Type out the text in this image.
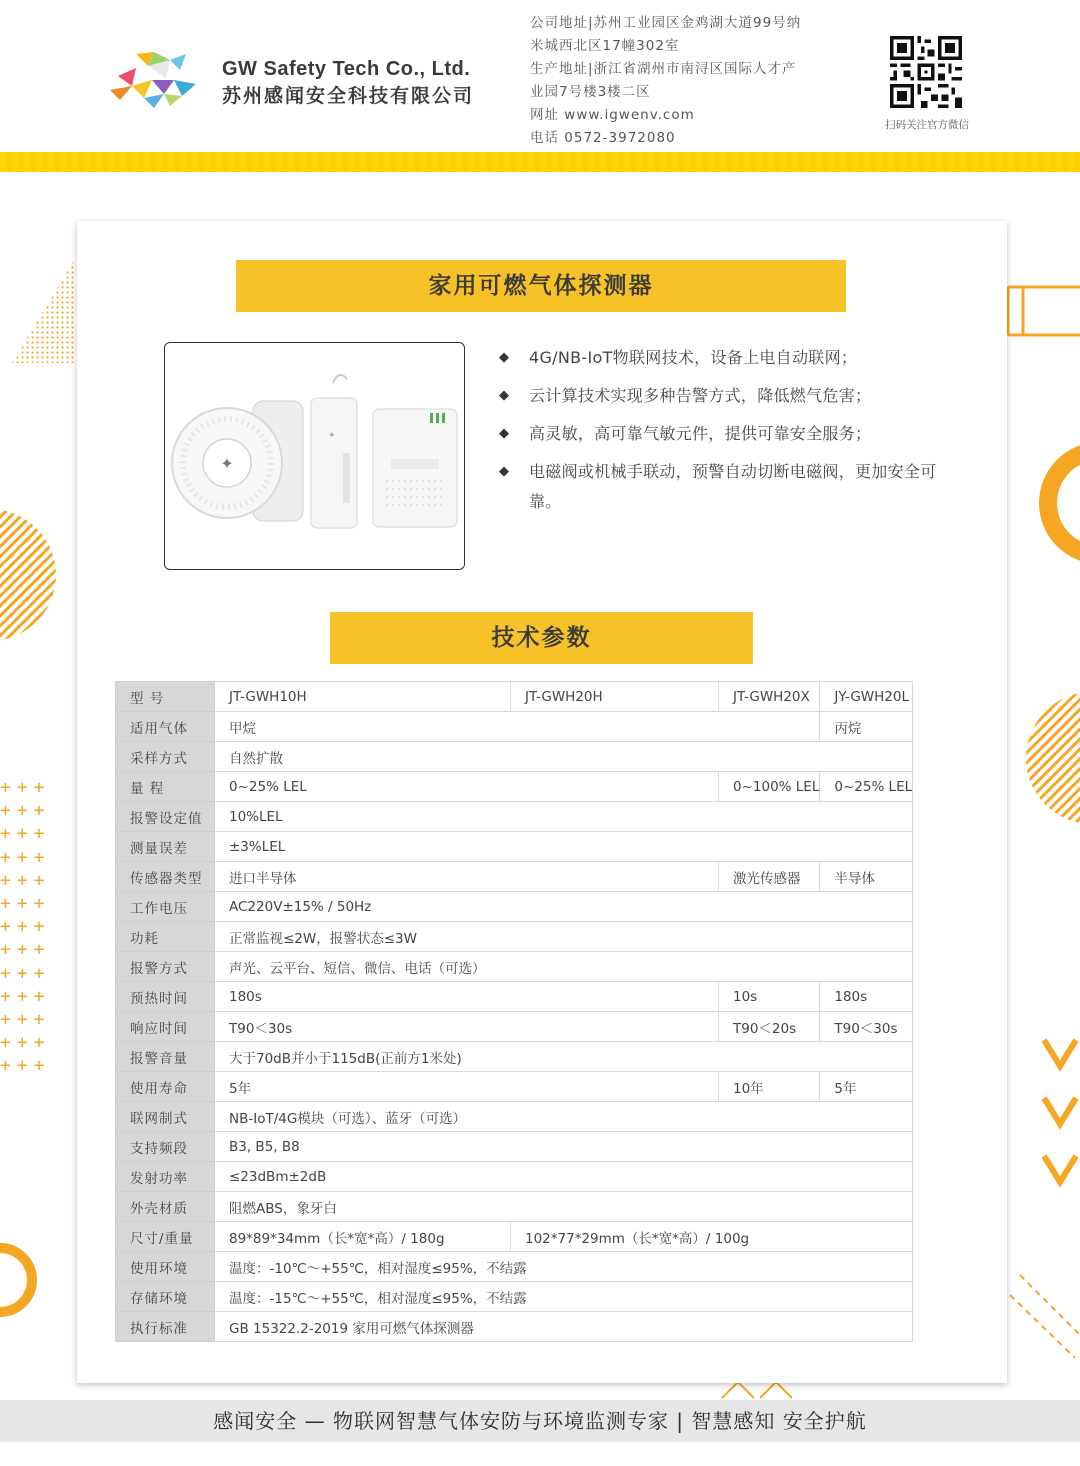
GW Safety Tech Co., Ltd.
苏州感闻安全科技有限公司
公司地址|苏州工业园区金鸡湖大道99号纳
米城西北区17幢302室
生产地址|浙江省湖州市南浔区国际人才产
业园7号楼3楼二区
网址 www.igwenv.com
电话 0572-3972080
扫码关注官方微信
+++
+++
+++
+++
+++
+++
+++
+++
+++
+++
+++
+++
+++
家用可燃气体探测器
✦
✦
◆ 4G/NB-IoT物联网技术，设备上电自动联网；
◆ 云计算技术实现多种告警方式，降低燃气危害；
◆ 高灵敏，高可靠气敏元件，提供可靠安全服务；
◆ 电磁阀或机械手联动，预警自动切断电磁阀，更加安全可靠。
技术参数
型 号	JT-GWH10H	JT-GWH20H	JT-GWH20X	JY-GWH20L
适用气体	甲烷			丙烷
采样方式	自然扩散			
量 程	0~25% LEL		0~100% LEL	0~25% LEL
报警设定值	10%LEL			
测量误差	±3%LEL			
传感器类型	进口半导体		激光传感器	半导体
工作电压	AC220V±15% / 50Hz			
功耗	正常监视≤2W，报警状态≤3W			
报警方式	声光、云平台、短信、微信、电话（可选）			
预热时间	180s		10s	180s
响应时间	T90＜30s		T90＜20s	T90＜30s
报警音量	大于70dB并小于115dB(正前方1米处)			
使用寿命	5年		10年	5年
联网制式	NB-IoT/4G模块（可选）、蓝牙（可选）			
支持频段	B3, B5, B8			
发射功率	≤23dBm±2dB			
外壳材质	阻燃ABS，象牙白			
尺寸/重量	89*89*34mm（长*宽*高）/ 180g	102*77*29mm（长*宽*高）/ 100g		
使用环境	温度：-10℃～+55℃，相对湿度≤95%，不结露			
存储环境	温度：-15℃～+55℃，相对湿度≤95%，不结露			
执行标准	GB 15322.2-2019 家用可燃气体探测器			
感闻安全 — 物联网智慧气体安防与环境监测专家 | 智慧感知 安全护航
